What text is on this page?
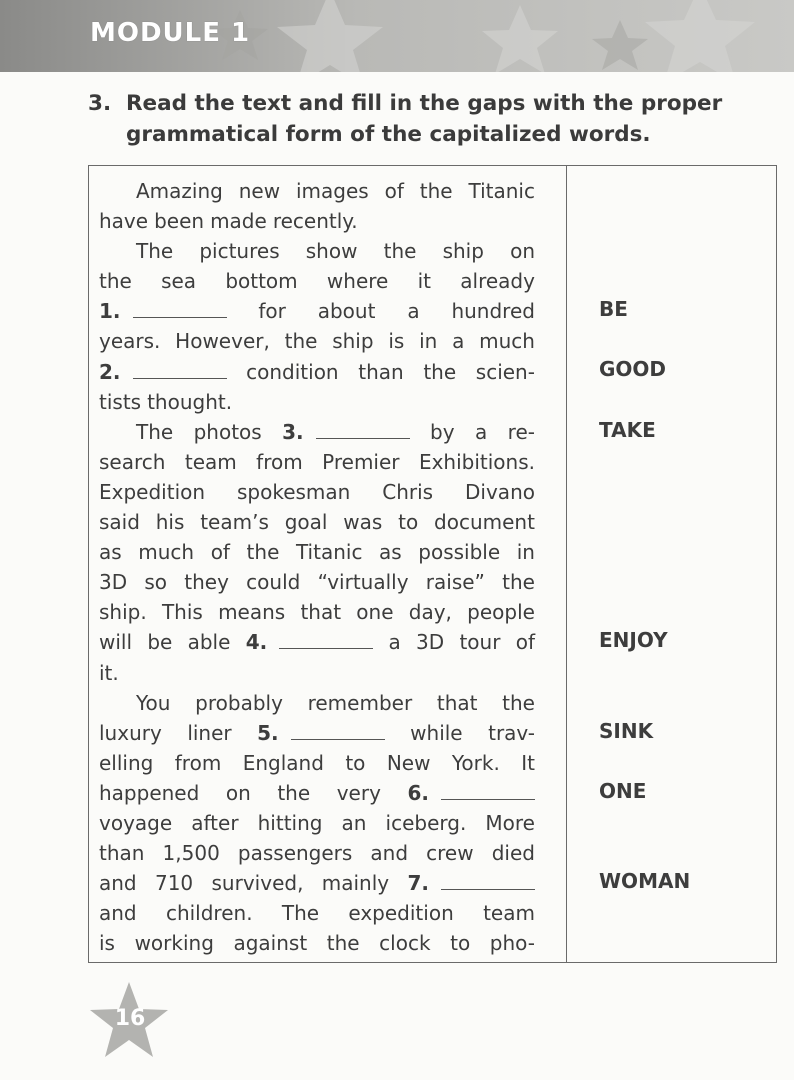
MODULE 1
3. Read the text and fill in the gaps with the proper
grammatical form of the capitalized words.
Amazing new images of the Titanic
have been made recently.
The pictures show the ship on
the sea bottom where it already
1.	for about a hundred
years. However, the ship is in a much
2.	condition than the scien-
tists thought.
The photos 3.	by a re-
search team from Premier Exhibitions.
Expedition spokesman Chris Divano
said his team’s goal was to document
as much of the Titanic as possible in
3D so they could “virtually raise” the
ship. This means that one day, people
will be able 4.	a 3D tour of
it.
You probably remember that the
luxury liner 5.	while trav-
elling from England to New York. It
happened on the very 6.
voyage after hitting an iceberg. More
than 1,500 passengers and crew died
and 710 survived, mainly 7.
and children. The expedition team
is working against the clock to pho-
BE
GOOD
TAKE
ENJOY
SINK
ONE
WOMAN
16
